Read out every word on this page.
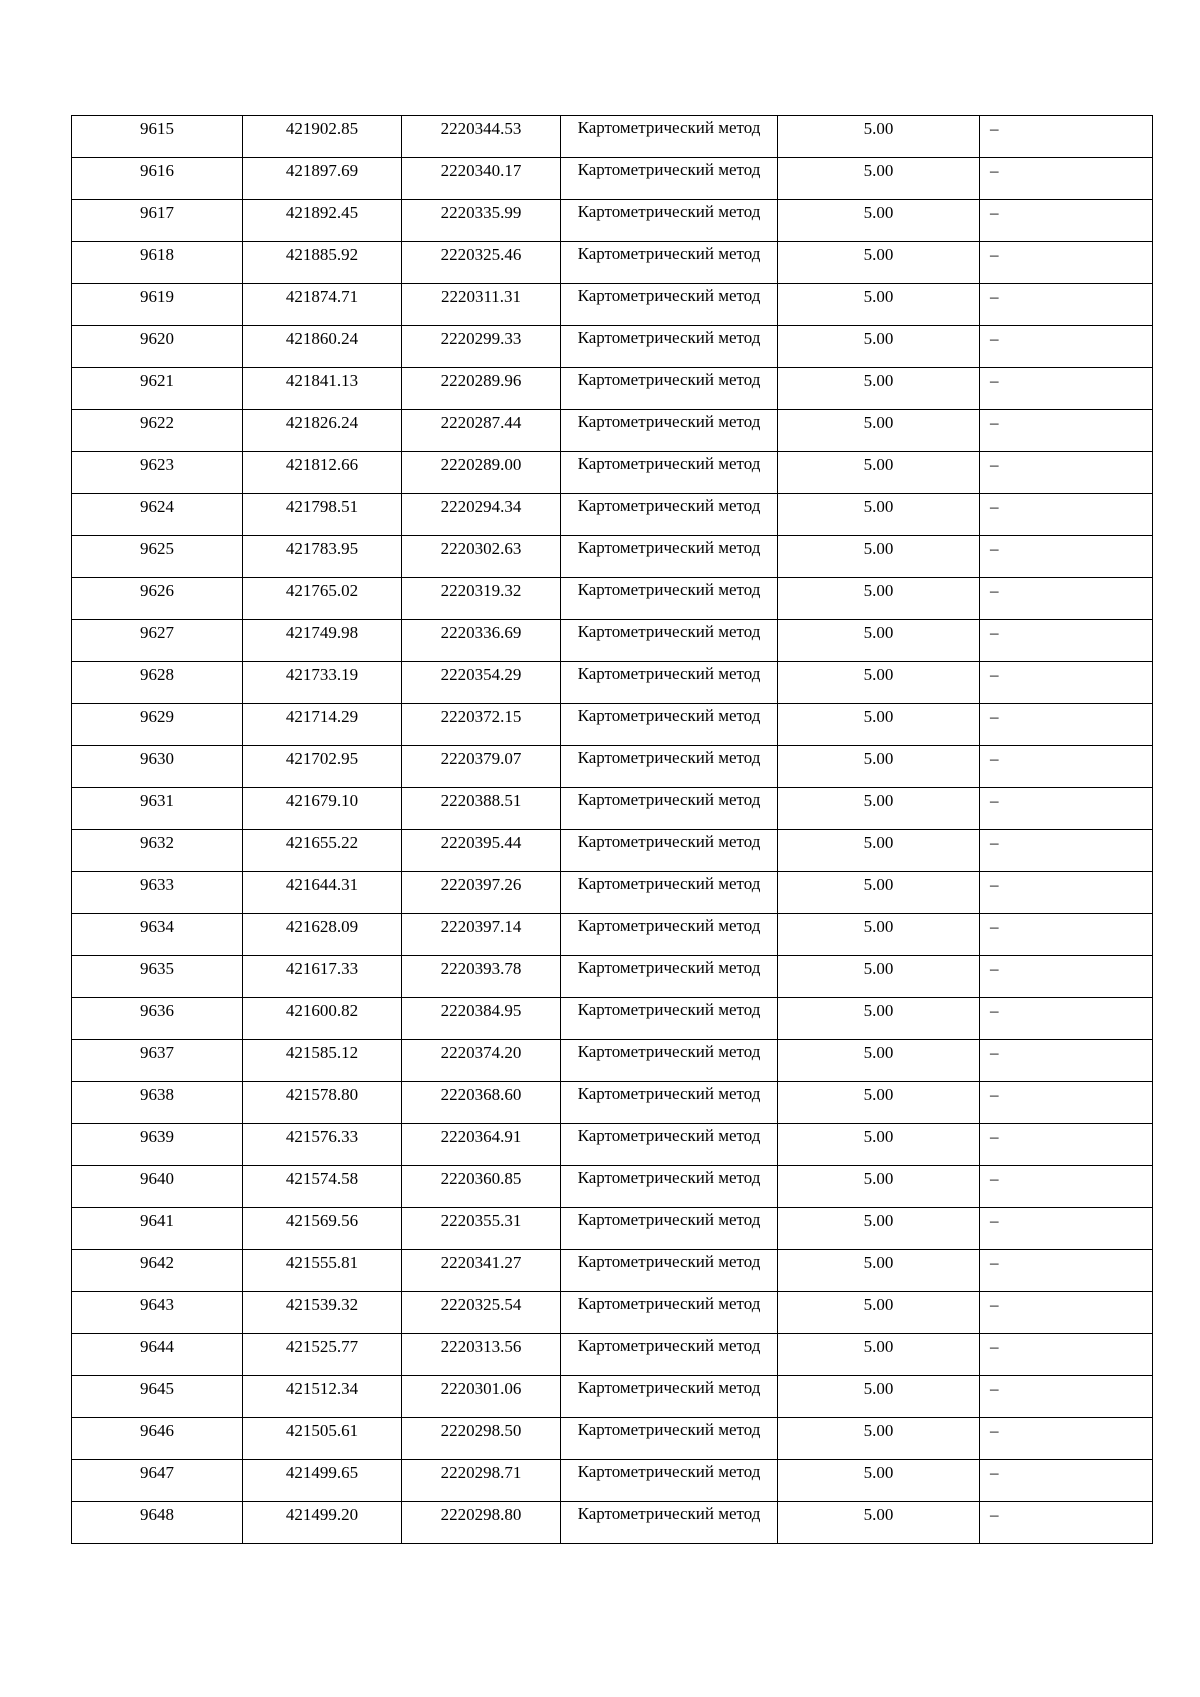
9615	421902.85	2220344.53	Картометрический метод	5.00	–

9616	421897.69	2220340.17	Картометрический метод	5.00	–

9617	421892.45	2220335.99	Картометрический метод	5.00	–

9618	421885.92	2220325.46	Картометрический метод	5.00	–

9619	421874.71	2220311.31	Картометрический метод	5.00	–

9620	421860.24	2220299.33	Картометрический метод	5.00	–

9621	421841.13	2220289.96	Картометрический метод	5.00	–

9622	421826.24	2220287.44	Картометрический метод	5.00	–

9623	421812.66	2220289.00	Картометрический метод	5.00	–

9624	421798.51	2220294.34	Картометрический метод	5.00	–

9625	421783.95	2220302.63	Картометрический метод	5.00	–

9626	421765.02	2220319.32	Картометрический метод	5.00	–

9627	421749.98	2220336.69	Картометрический метод	5.00	–

9628	421733.19	2220354.29	Картометрический метод	5.00	–

9629	421714.29	2220372.15	Картометрический метод	5.00	–

9630	421702.95	2220379.07	Картометрический метод	5.00	–

9631	421679.10	2220388.51	Картометрический метод	5.00	–

9632	421655.22	2220395.44	Картометрический метод	5.00	–

9633	421644.31	2220397.26	Картометрический метод	5.00	–

9634	421628.09	2220397.14	Картометрический метод	5.00	–

9635	421617.33	2220393.78	Картометрический метод	5.00	–

9636	421600.82	2220384.95	Картометрический метод	5.00	–

9637	421585.12	2220374.20	Картометрический метод	5.00	–

9638	421578.80	2220368.60	Картометрический метод	5.00	–

9639	421576.33	2220364.91	Картометрический метод	5.00	–

9640	421574.58	2220360.85	Картометрический метод	5.00	–

9641	421569.56	2220355.31	Картометрический метод	5.00	–

9642	421555.81	2220341.27	Картометрический метод	5.00	–

9643	421539.32	2220325.54	Картометрический метод	5.00	–

9644	421525.77	2220313.56	Картометрический метод	5.00	–

9645	421512.34	2220301.06	Картометрический метод	5.00	–

9646	421505.61	2220298.50	Картометрический метод	5.00	–

9647	421499.65	2220298.71	Картометрический метод	5.00	–

9648	421499.20	2220298.80	Картометрический метод	5.00	–
